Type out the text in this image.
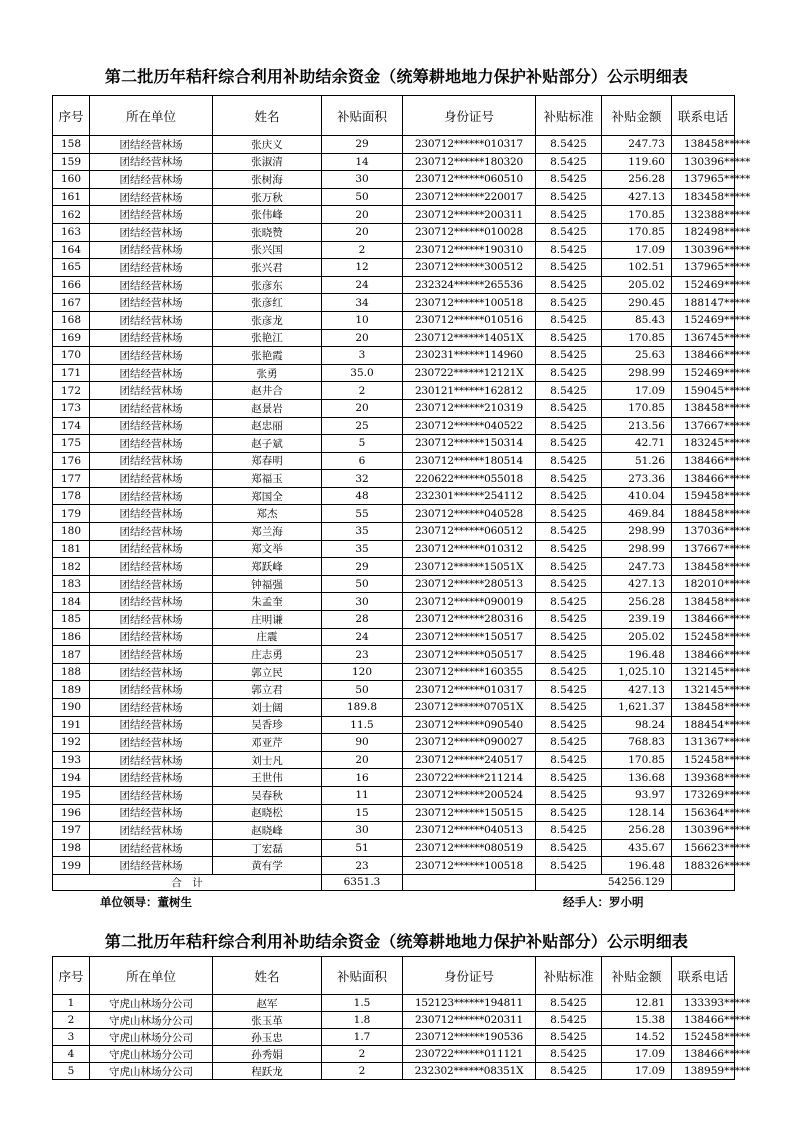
第二批历年秸秆综合利用补助结余资金（统筹耕地地力保护补贴部分）公示明细表
序号	所在单位	姓名	补贴面积	身份证号	补贴标准	补贴金额	联系电话
158	团结经营林场	张庆义	29	230712******010317	8.5425	247.73	138458*****
159	团结经营林场	张淑清	14	230712******180320	8.5425	119.60	130396*****
160	团结经营林场	张树海	30	230712******060510	8.5425	256.28	137965*****
161	团结经营林场	张万秋	50	230712******220017	8.5425	427.13	183458*****
162	团结经营林场	张伟峰	20	230712******200311	8.5425	170.85	132388*****
163	团结经营林场	张晓赞	20	230712******010028	8.5425	170.85	182498*****
164	团结经营林场	张兴国	2	230712******190310	8.5425	17.09	130396*****
165	团结经营林场	张兴君	12	230712******300512	8.5425	102.51	137965*****
166	团结经营林场	张彦东	24	232324******265536	8.5425	205.02	152469*****
167	团结经营林场	张彦红	34	230712******100518	8.5425	290.45	188147*****
168	团结经营林场	张彦龙	10	230712******010516	8.5425	85.43	152469*****
169	团结经营林场	张艳江	20	230712******14051X	8.5425	170.85	136745*****
170	团结经营林场	张艳霞	3	230231******114960	8.5425	25.63	138466*****
171	团结经营林场	张勇	35.0	230722******12121X	8.5425	298.99	152469*****
172	团结经营林场	赵井合	2	230121******162812	8.5425	17.09	159045*****
173	团结经营林场	赵景岩	20	230712******210319	8.5425	170.85	138458*****
174	团结经营林场	赵忠丽	25	230712******040522	8.5425	213.56	137667*****
175	团结经营林场	赵子斌	5	230712******150314	8.5425	42.71	183245*****
176	团结经营林场	郑春明	6	230712******180514	8.5425	51.26	138466*****
177	团结经营林场	郑福玉	32	220622******055018	8.5425	273.36	138466*****
178	团结经营林场	郑国全	48	232301******254112	8.5425	410.04	159458*****
179	团结经营林场	郑杰	55	230712******040528	8.5425	469.84	188458*****
180	团结经营林场	郑兰海	35	230712******060512	8.5425	298.99	137036*****
181	团结经营林场	郑文举	35	230712******010312	8.5425	298.99	137667*****
182	团结经营林场	郑跃峰	29	230712******15051X	8.5425	247.73	138458*****
183	团结经营林场	钟福强	50	230712******280513	8.5425	427.13	182010*****
184	团结经营林场	朱孟奎	30	230712******090019	8.5425	256.28	138458*****
185	团结经营林场	庄明谦	28	230712******280316	8.5425	239.19	138466*****
186	团结经营林场	庄震	24	230712******150517	8.5425	205.02	152458*****
187	团结经营林场	庄志勇	23	230712******050517	8.5425	196.48	138466*****
188	团结经营林场	郭立民	120	230712******160355	8.5425	1,025.10	132145*****
189	团结经营林场	郭立君	50	230712******010317	8.5425	427.13	132145*****
190	团结经营林场	刘士阔	189.8	230712******07051X	8.5425	1,621.37	138458*****
191	团结经营林场	吴香珍	11.5	230712******090540	8.5425	98.24	188454*****
192	团结经营林场	邓亚芹	90	230712******090027	8.5425	768.83	131367*****
193	团结经营林场	刘士凡	20	230712******240517	8.5425	170.85	152458*****
194	团结经营林场	王世伟	16	230722******211214	8.5425	136.68	139368*****
195	团结经营林场	吴春秋	11	230712******200524	8.5425	93.97	173269*****
196	团结经营林场	赵晓松	15	230712******150515	8.5425	128.14	156364*****
197	团结经营林场	赵晓峰	30	230712******040513	8.5425	256.28	130396*****
198	团结经营林场	丁宏磊	51	230712******080519	8.5425	435.67	156623*****
199	团结经营林场	黄有学	23	230712******100518	8.5425	196.48	188326*****
合　计			6351.3			54256.129	
单位领导：董树生	经手人：罗小明
第二批历年秸秆综合利用补助结余资金（统筹耕地地力保护补贴部分）公示明细表
序号	所在单位	姓名	补贴面积	身份证号	补贴标准	补贴金额	联系电话
1	守虎山林场分公司	赵军	1.5	152123******194811	8.5425	12.81	133393*****
2	守虎山林场分公司	张玉革	1.8	230712******020311	8.5425	15.38	138466*****
3	守虎山林场分公司	孙玉忠	1.7	230712******190536	8.5425	14.52	152458*****
4	守虎山林场分公司	孙秀娟	2	230722******011121	8.5425	17.09	138466*****
5	守虎山林场分公司	程跃龙	2	232302******08351X	8.5425	17.09	138959*****
